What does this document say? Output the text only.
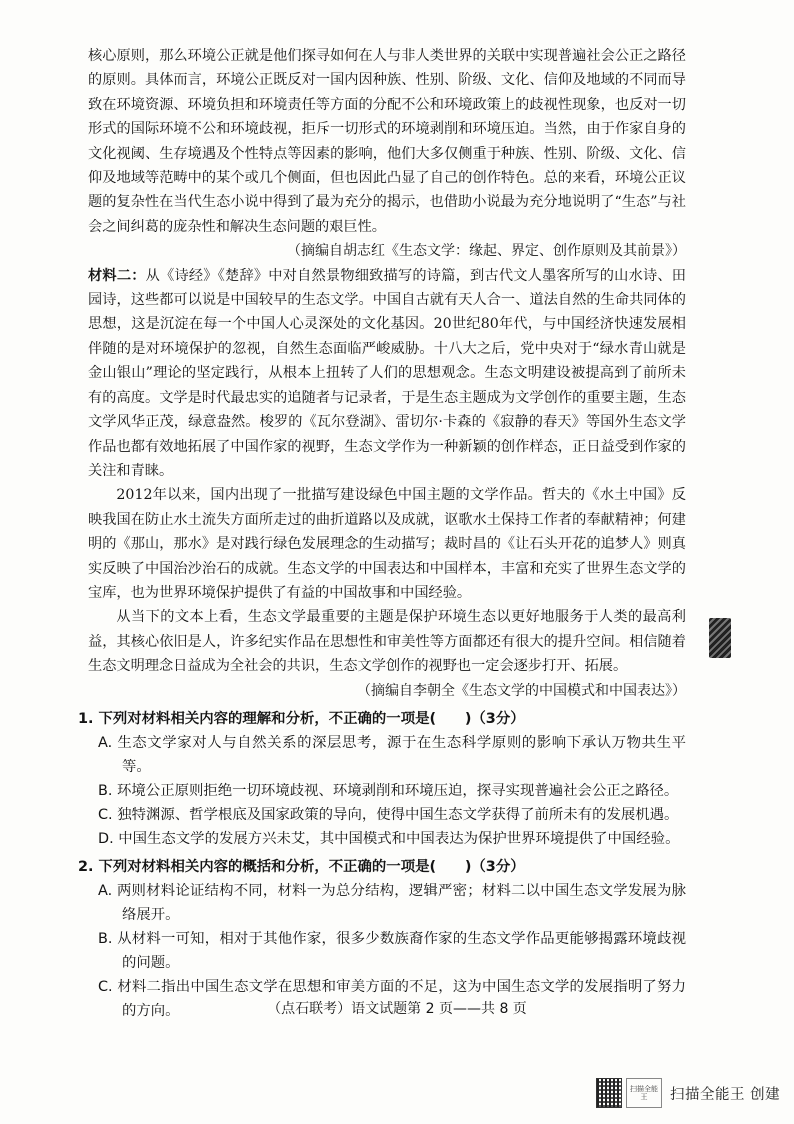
核心原则，那么环境公正就是他们探寻如何在人与非人类世界的关联中实现普遍社会公正之路径的原则。具体而言，环境公正既反对一国内因种族、性别、阶级、文化、信仰及地域的不同而导致在环境资源、环境负担和环境责任等方面的分配不公和环境政策上的歧视性现象，也反对一切形式的国际环境不公和环境歧视，拒斥一切形式的环境剥削和环境压迫。当然，由于作家自身的文化视阈、生存境遇及个性特点等因素的影响，他们大多仅侧重于种族、性别、阶级、文化、信仰及地域等范畴中的某个或几个侧面，但也因此凸显了自己的创作特色。总的来看，环境公正议题的复杂性在当代生态小说中得到了最为充分的揭示，也借助小说最为充分地说明了“生态”与社会之间纠葛的庞杂性和解决生态问题的艰巨性。

（摘编自胡志红《生态文学：缘起、界定、创作原则及其前景》）

材料二：从《诗经》《楚辞》中对自然景物细致描写的诗篇，到古代文人墨客所写的山水诗、田园诗，这些都可以说是中国较早的生态文学。中国自古就有天人合一、道法自然的生命共同体的思想，这是沉淀在每一个中国人心灵深处的文化基因。20世纪80年代，与中国经济快速发展相伴随的是对环境保护的忽视，自然生态面临严峻威胁。十八大之后，党中央对于“绿水青山就是金山银山”理论的坚定践行，从根本上扭转了人们的思想观念。生态文明建设被提高到了前所未有的高度。文学是时代最忠实的追随者与记录者，于是生态主题成为文学创作的重要主题，生态文学风华正茂，绿意盎然。梭罗的《瓦尔登湖》、雷切尔·卡森的《寂静的春天》等国外生态文学作品也都有效地拓展了中国作家的视野，生态文学作为一种新颖的创作样态，正日益受到作家的关注和青睐。

2012年以来，国内出现了一批描写建设绿色中国主题的文学作品。哲夫的《水土中国》反映我国在防止水土流失方面所走过的曲折道路以及成就，讴歌水土保持工作者的奉献精神；何建明的《那山，那水》是对践行绿色发展理念的生动描写；裁时昌的《让石头开花的追梦人》则真实反映了中国治沙治石的成就。生态文学的中国表达和中国样本，丰富和充实了世界生态文学的宝库，也为世界环境保护提供了有益的中国故事和中国经验。

从当下的文本上看，生态文学最重要的主题是保护环境生态以更好地服务于人类的最高利益，其核心依旧是人，许多纪实作品在思想性和审美性等方面都还有很大的提升空间。相信随着生态文明理念日益成为全社会的共识，生态文学创作的视野也一定会逐步打开、拓展。

（摘编自李朝全《生态文学的中国模式和中国表达》）

1. 下列对材料相关内容的理解和分析，不正确的一项是(　　)（3分）

A. 生态文学家对人与自然关系的深层思考，源于在生态科学原则的影响下承认万物共生平等。

B. 环境公正原则拒绝一切环境歧视、环境剥削和环境压迫，探寻实现普遍社会公正之路径。

C. 独特渊源、哲学根底及国家政策的导向，使得中国生态文学获得了前所未有的发展机遇。

D. 中国生态文学的发展方兴未艾，其中国模式和中国表达为保护世界环境提供了中国经验。

2. 下列对材料相关内容的概括和分析，不正确的一项是(　　)（3分）

A. 两则材料论证结构不同，材料一为总分结构，逻辑严密；材料二以中国生态文学发展为脉络展开。

B. 从材料一可知，相对于其他作家，很多少数族裔作家的生态文学作品更能够揭露环境歧视的问题。

C. 材料二指出中国生态文学在思想和审美方面的不足，这为中国生态文学的发展指明了努力的方向。	（点石联考）语文试题第 2 页——共 8 页
扫描全能王	扫描全能王 创建
